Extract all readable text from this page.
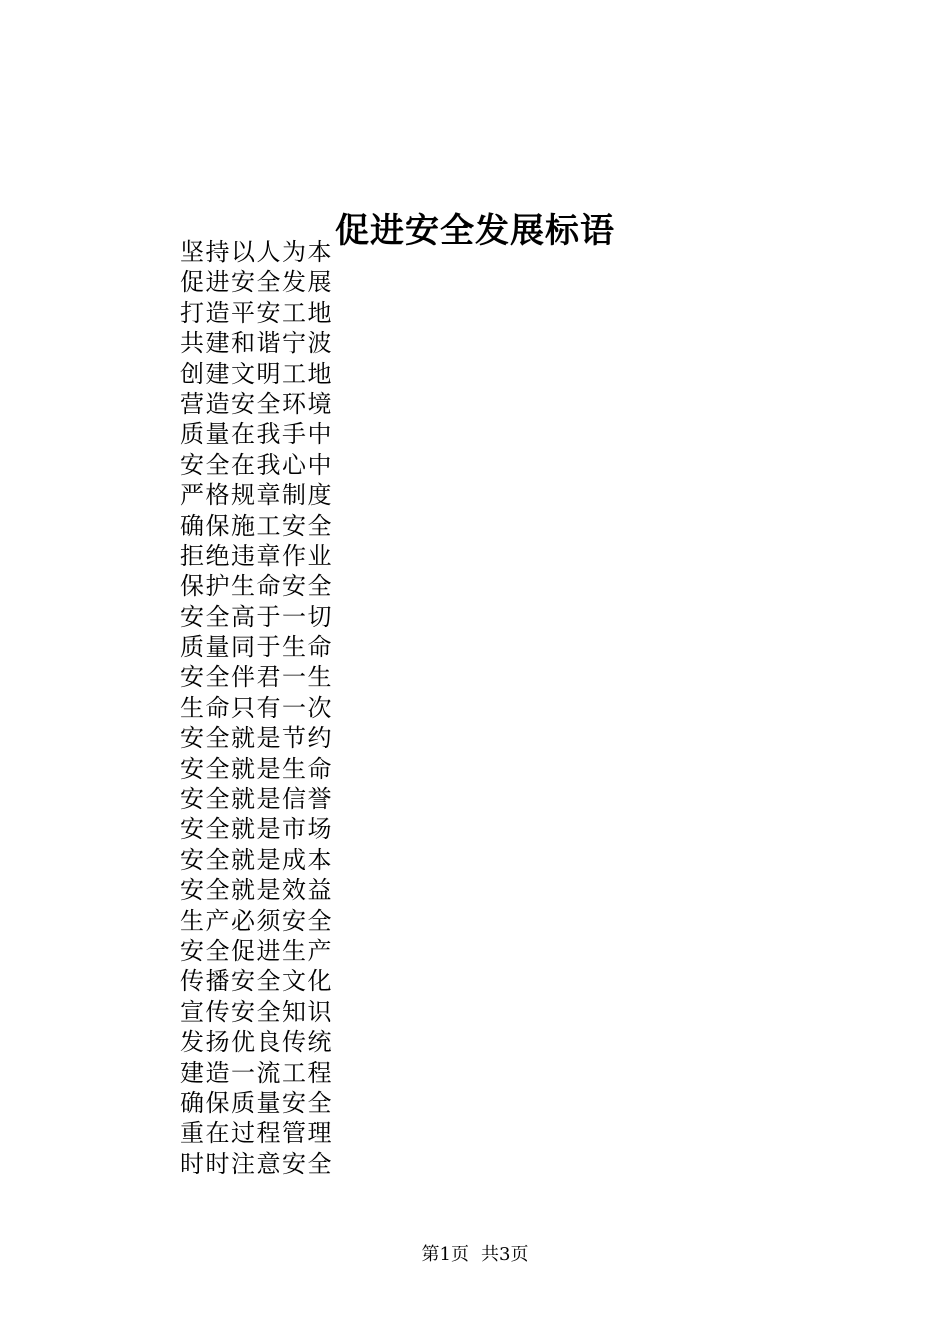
促进安全发展标语
坚持以人为本
促进安全发展
打造平安工地
共建和谐宁波
创建文明工地
营造安全环境
质量在我手中
安全在我心中
严格规章制度
确保施工安全
拒绝违章作业
保护生命安全
安全高于一切
质量同于生命
安全伴君一生
生命只有一次
安全就是节约
安全就是生命
安全就是信誉
安全就是市场
安全就是成本
安全就是效益
生产必须安全
安全促进生产
传播安全文化
宣传安全知识
发扬优良传统
建造一流工程
确保质量安全
重在过程管理
时时注意安全
第1页 共3页
